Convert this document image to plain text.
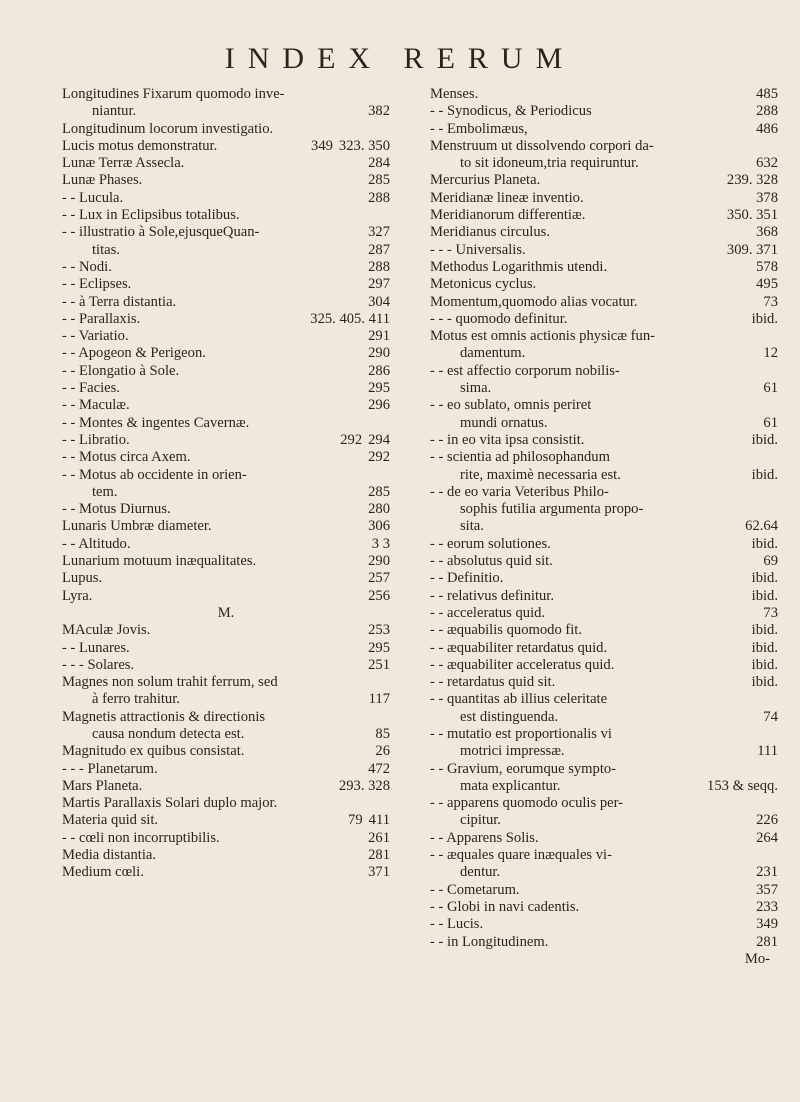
INDEX RERUM
Longitudines Fixarum quomodo inve-
382
niantur.
Longitudinum locorum investigatio.
323. 350
349
Lucis motus demonstratur.
284
Lunæ Terræ Assecla.
285
Lunæ Phases.
288
- - Lucula.
- - Lux in Eclipsibus totalibus.
327
- - illustratio à Sole,ejusqueQuan-
287
titas.
288
- - Nodi.
297
- - Eclipses.
304
- - à Terra distantia.
325. 405. 411
- - Parallaxis.
291
- - Variatio.
290
- - Apogeon & Perigeon.
286
- - Elongatio à Sole.
295
- - Facies.
296
- - Maculæ.
- - Montes & ingentes Cavernæ.
294
292
- - Libratio.
292
- - Motus circa Axem.
- - Motus ab occidente in orien-
285
tem.
280
- - Motus Diurnus.
306
Lunaris Umbræ diameter.
3 3
- - Altitudo.
290
Lunarium motuum inæqualitates.
257
Lupus.
256
Lyra.
M.
253
MAculæ Jovis.
295
- - Lunares.
251
- - - Solares.
Magnes non solum trahit ferrum, sed
117
à ferro trahitur.
Magnetis attractionis & directionis
85
causa nondum detecta est.
26
Magnitudo ex quibus consistat.
472
- - - Planetarum.
293. 328
Mars Planeta.
Martis Parallaxis Solari duplo major.
411
79
Materia quid sit.
261
- - cœli non incorruptibilis.
281
Media distantia.
371
Medium cœli.
485
Menses.
288
- - Synodicus, & Periodicus
486
- - Embolimæus,
Menstruum ut dissolvendo corpori da-
632
to sit idoneum,tria requiruntur.
239. 328
Mercurius Planeta.
378
Meridianæ lineæ inventio.
350. 351
Meridianorum differentiæ.
368
Meridianus circulus.
309. 371
- - - Universalis.
578
Methodus Logarithmis utendi.
495
Metonicus cyclus.
73
Momentum,quomodo alias vocatur.
ibid.
- - - quomodo definitur.
Motus est omnis actionis physicæ fun-
12
damentum.
- - est affectio corporum nobilis-
61
sima.
- - eo sublato, omnis periret
61
mundi ornatus.
ibid.
- - in eo vita ipsa consistit.
- - scientia ad philosophandum
ibid.
rite, maximè necessaria est.
- - de eo varia Veteribus Philo-
sophis futilia argumenta propo-
62.64
sita.
ibid.
- - eorum solutiones.
69
- - absolutus quid sit.
ibid.
- - Definitio.
ibid.
- - relativus definitur.
73
- - acceleratus quid.
ibid.
- - æquabilis quomodo fit.
ibid.
- - æquabiliter retardatus quid.
ibid.
- - æquabiliter acceleratus quid.
ibid.
- - retardatus quid sit.
- - quantitas ab illius celeritate
74
est distinguenda.
- - mutatio est proportionalis vi
111
motrici impressæ.
- - Gravium, eorumque sympto-
153 & seqq.
mata explicantur.
- - apparens quomodo oculis per-
226
cipitur.
264
- - Apparens Solis.
- - æquales quare inæquales vi-
231
dentur.
357
- - Cometarum.
233
- - Globi in navi cadentis.
349
- - Lucis.
281
- - in Longitudinem.
Mo-
